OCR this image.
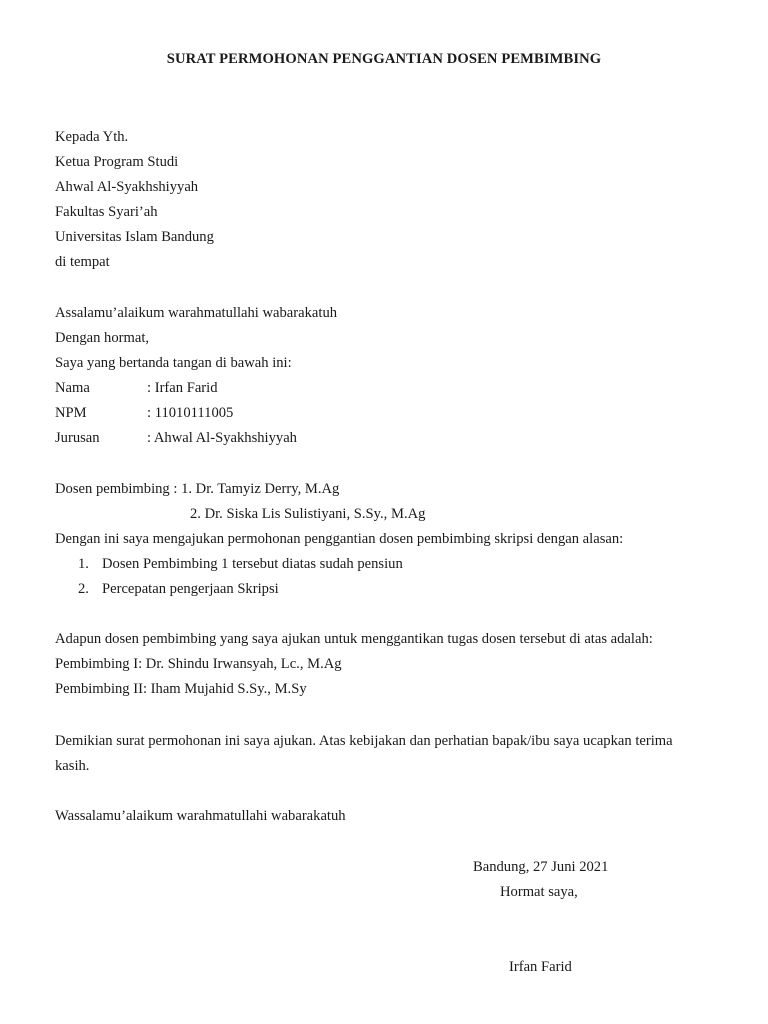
SURAT PERMOHONAN PENGGANTIAN DOSEN PEMBIMBING
Kepada Yth.
Ketua Program Studi
Ahwal Al-Syakhshiyyah
Fakultas Syari’ah
Universitas Islam Bandung
di tempat
Assalamu’alaikum warahmatullahi wabarakatuh
Dengan hormat,
Saya yang bertanda tangan di bawah ini:
Nama	: Irfan Farid
NPM	: 11010111005
Jurusan	: Ahwal Al-Syakhshiyyah
Dosen pembimbing : 1. Dr. Tamyiz Derry, M.Ag
2. Dr. Siska Lis Sulistiyani, S.Sy., M.Ag
Dengan ini saya mengajukan permohonan penggantian dosen pembimbing skripsi dengan alasan:
1. Dosen Pembimbing 1 tersebut diatas sudah pensiun
2. Percepatan pengerjaan Skripsi
Adapun dosen pembimbing yang saya ajukan untuk menggantikan tugas dosen tersebut di atas adalah:
Pembimbing I: Dr. Shindu Irwansyah, Lc., M.Ag
Pembimbing II: Iham Mujahid S.Sy., M.Sy
Demikian surat permohonan ini saya ajukan. Atas kebijakan dan perhatian bapak/ibu saya ucapkan terima
kasih.
Wassalamu’alaikum warahmatullahi wabarakatuh
Bandung, 27 Juni 2021
Hormat saya,
Irfan Farid
